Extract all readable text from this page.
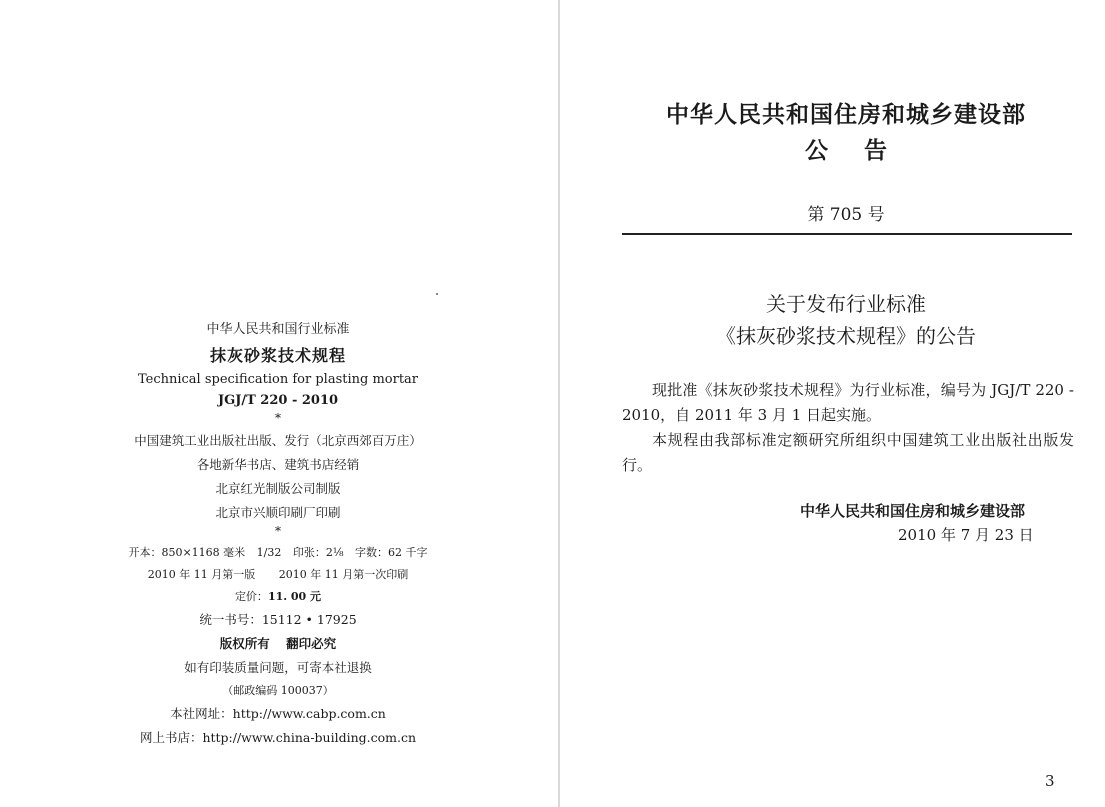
中华人民共和国行业标准

抹灰砂浆技术规程

Technical specification for plasting mortar

JGJ/T 220 - 2010

*

中国建筑工业出版社出版、发行（北京西郊百万庄）

各地新华书店、建筑书店经销

北京红光制版公司制版

北京市兴顺印刷厂印刷

*

开本：850×1168 毫米 1/32 印张：2⅛ 字数：62 千字

2010 年 11 月第一版 2010 年 11 月第一次印刷

定价：11. 00 元

统一书号：15112 • 17925

版权所有 翻印必究

如有印装质量问题，可寄本社退换

（邮政编码 100037）

本社网址：http://www.cabp.com.cn

网上书店：http://www.china-building.com.cn

中华人民共和国住房和城乡建设部

公告

第 705 号

关于发布行业标准

《抹灰砂浆技术规程》的公告

现批准《抹灰砂浆技术规程》为行业标准，编号为 JGJ/T 220 - 2010，自 2011 年 3 月 1 日起实施。

本规程由我部标准定额研究所组织中国建筑工业出版社出版发行。

中华人民共和国住房和城乡建设部

2010 年 7 月 23 日

3
